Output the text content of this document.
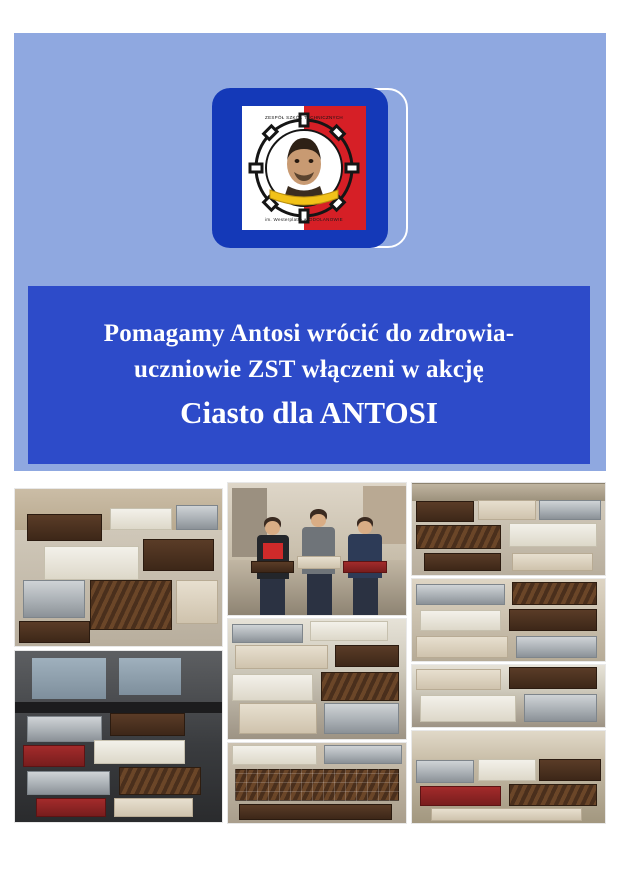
ZESPÓŁ SZKÓŁ TECHNICZNYCH
im. Westerplatte w ODOLANOWIE
Pomagamy Antosi wrócić do zdrowia-
uczniowie ZST włączeni w akcję
Ciasto dla ANTOSI
